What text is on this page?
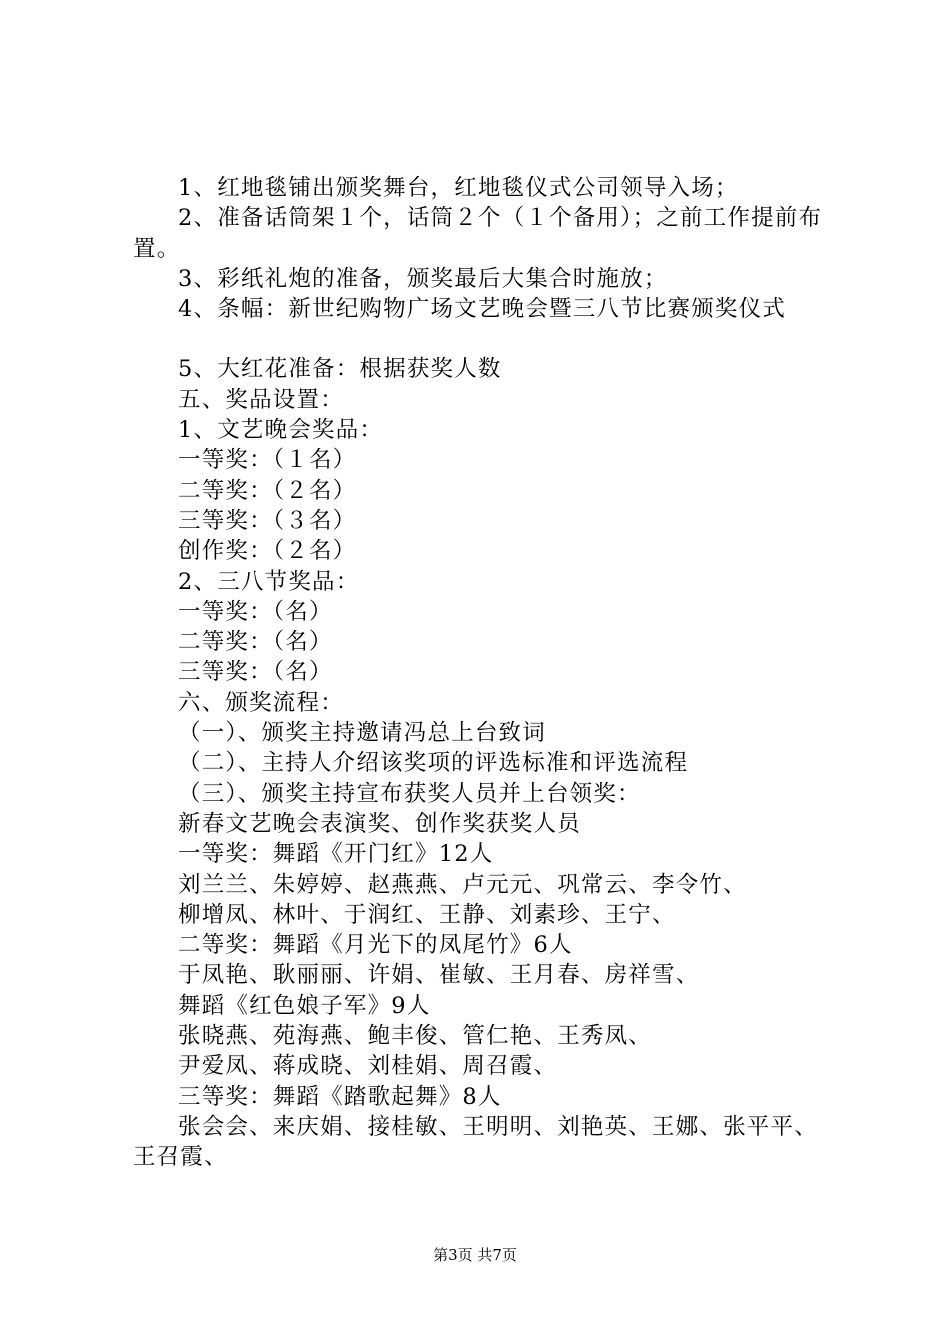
1、红地毯铺出颁奖舞台，红地毯仪式公司领导入场；

2、准备话筒架１个，话筒２个（１个备用）；之前工作提前布置。

3、彩纸礼炮的准备，颁奖最后大集合时施放；

4、条幅：新世纪购物广场文艺晚会暨三八节比赛颁奖仪式

5、大红花准备：根据获奖人数

五、奖品设置：

1、文艺晚会奖品：

一等奖：（１名）

二等奖：（２名）

三等奖：（３名）

创作奖：（２名）

2、三八节奖品：

一等奖：（名）

二等奖：（名）

三等奖：（名）

六、颁奖流程：

（一）、颁奖主持邀请冯总上台致词

（二）、主持人介绍该奖项的评选标准和评选流程

（三）、颁奖主持宣布获奖人员并上台领奖：

新春文艺晚会表演奖、创作奖获奖人员

一等奖：舞蹈《开门红》12人

刘兰兰、朱婷婷、赵燕燕、卢元元、巩常云、李令竹、

柳增凤、林叶、于润红、王静、刘素珍、王宁、

二等奖：舞蹈《月光下的凤尾竹》6人

于凤艳、耿丽丽、许娟、崔敏、王月春、房祥雪、

舞蹈《红色娘子军》9人

张晓燕、苑海燕、鲍丰俊、管仁艳、王秀凤、

尹爱凤、蒋成晓、刘桂娟、周召霞、

三等奖：舞蹈《踏歌起舞》8人

张会会、来庆娟、接桂敏、王明明、刘艳英、王娜、张平平、王召霞、

第3页 共7页
